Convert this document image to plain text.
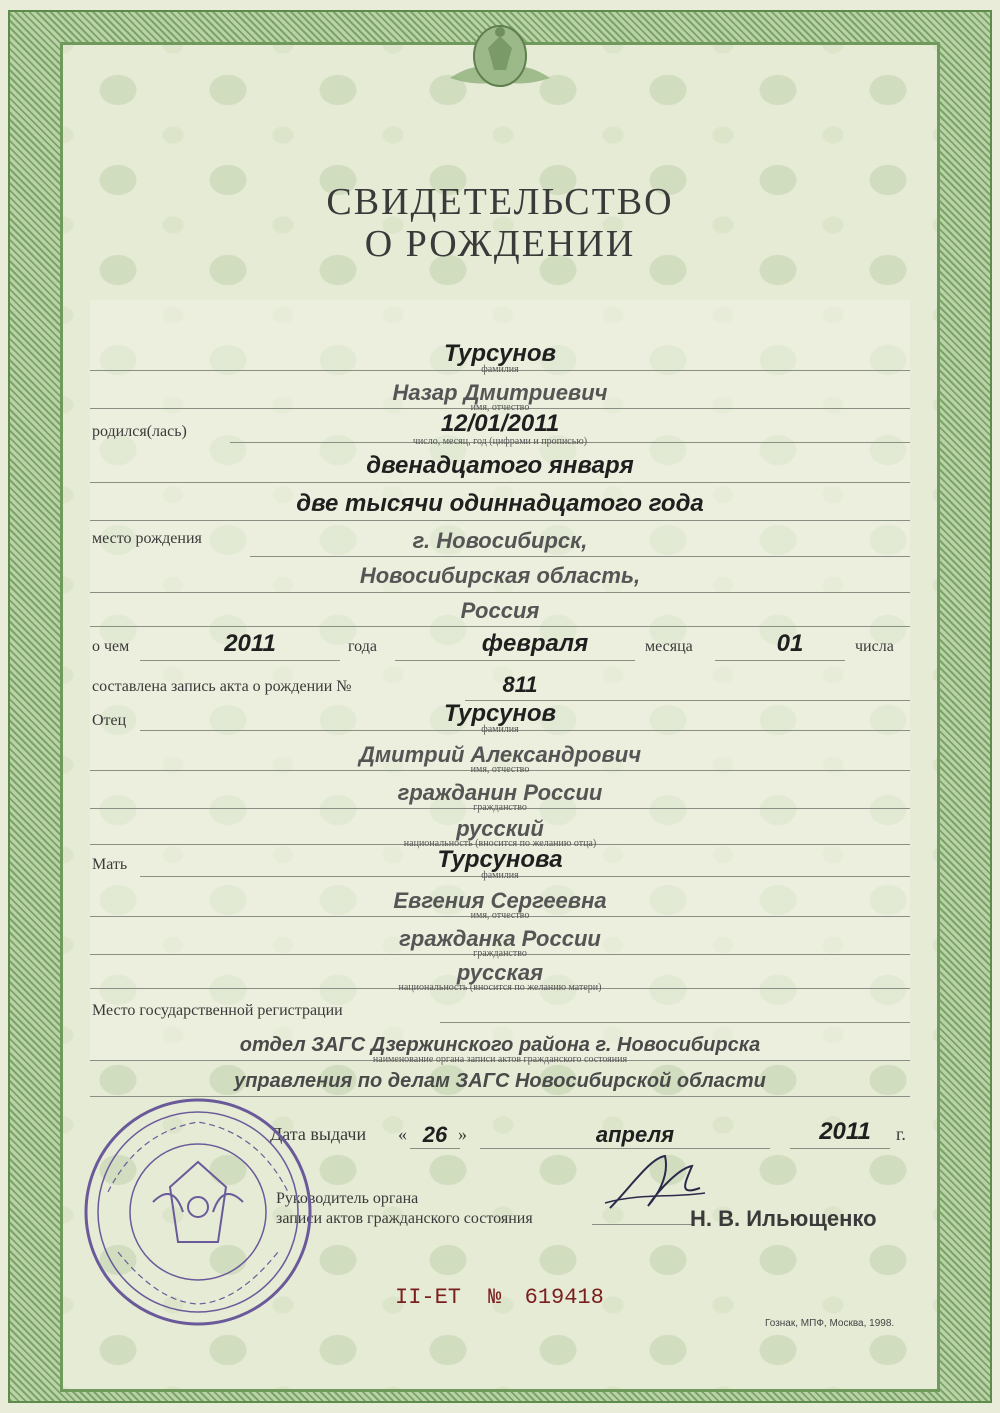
СВИДЕТЕЛЬСТВО
О РОЖДЕНИИ
Турсунов
фамилия
Назар Дмитриевич
имя, отчество
родился(лась)	12/01/2011
число, месяц, год (цифрами и прописью)
двенадцатого января
две тысячи одиннадцатого года
место рождения	г. Новосибирск,
Новосибирская область,
Россия
о чем	2011	года	февраля	месяца	01	числа
составлена запись акта о рождении №	811
Отец	Турсунов
фамилия
Дмитрий Александрович
имя, отчество
гражданин России
гражданство
русский
национальность (вносится по желанию отца)
Мать	Турсунова
фамилия
Евгения Сергеевна
имя, отчество
гражданка России
гражданство
русская
национальность (вносится по желанию матери)
Место государственной регистрации
отдел ЗАГС Дзержинского района г. Новосибирска
наименование органа записи актов гражданского состояния
управления по делам ЗАГС Новосибирской области
Дата выдачи « 26 »	апреля	2011	г.
Руководитель органа
записи актов гражданского состояния	Н. В. Ильющенко
II-ЕТ № 619418
Гознак, МПФ, Москва, 1998.
